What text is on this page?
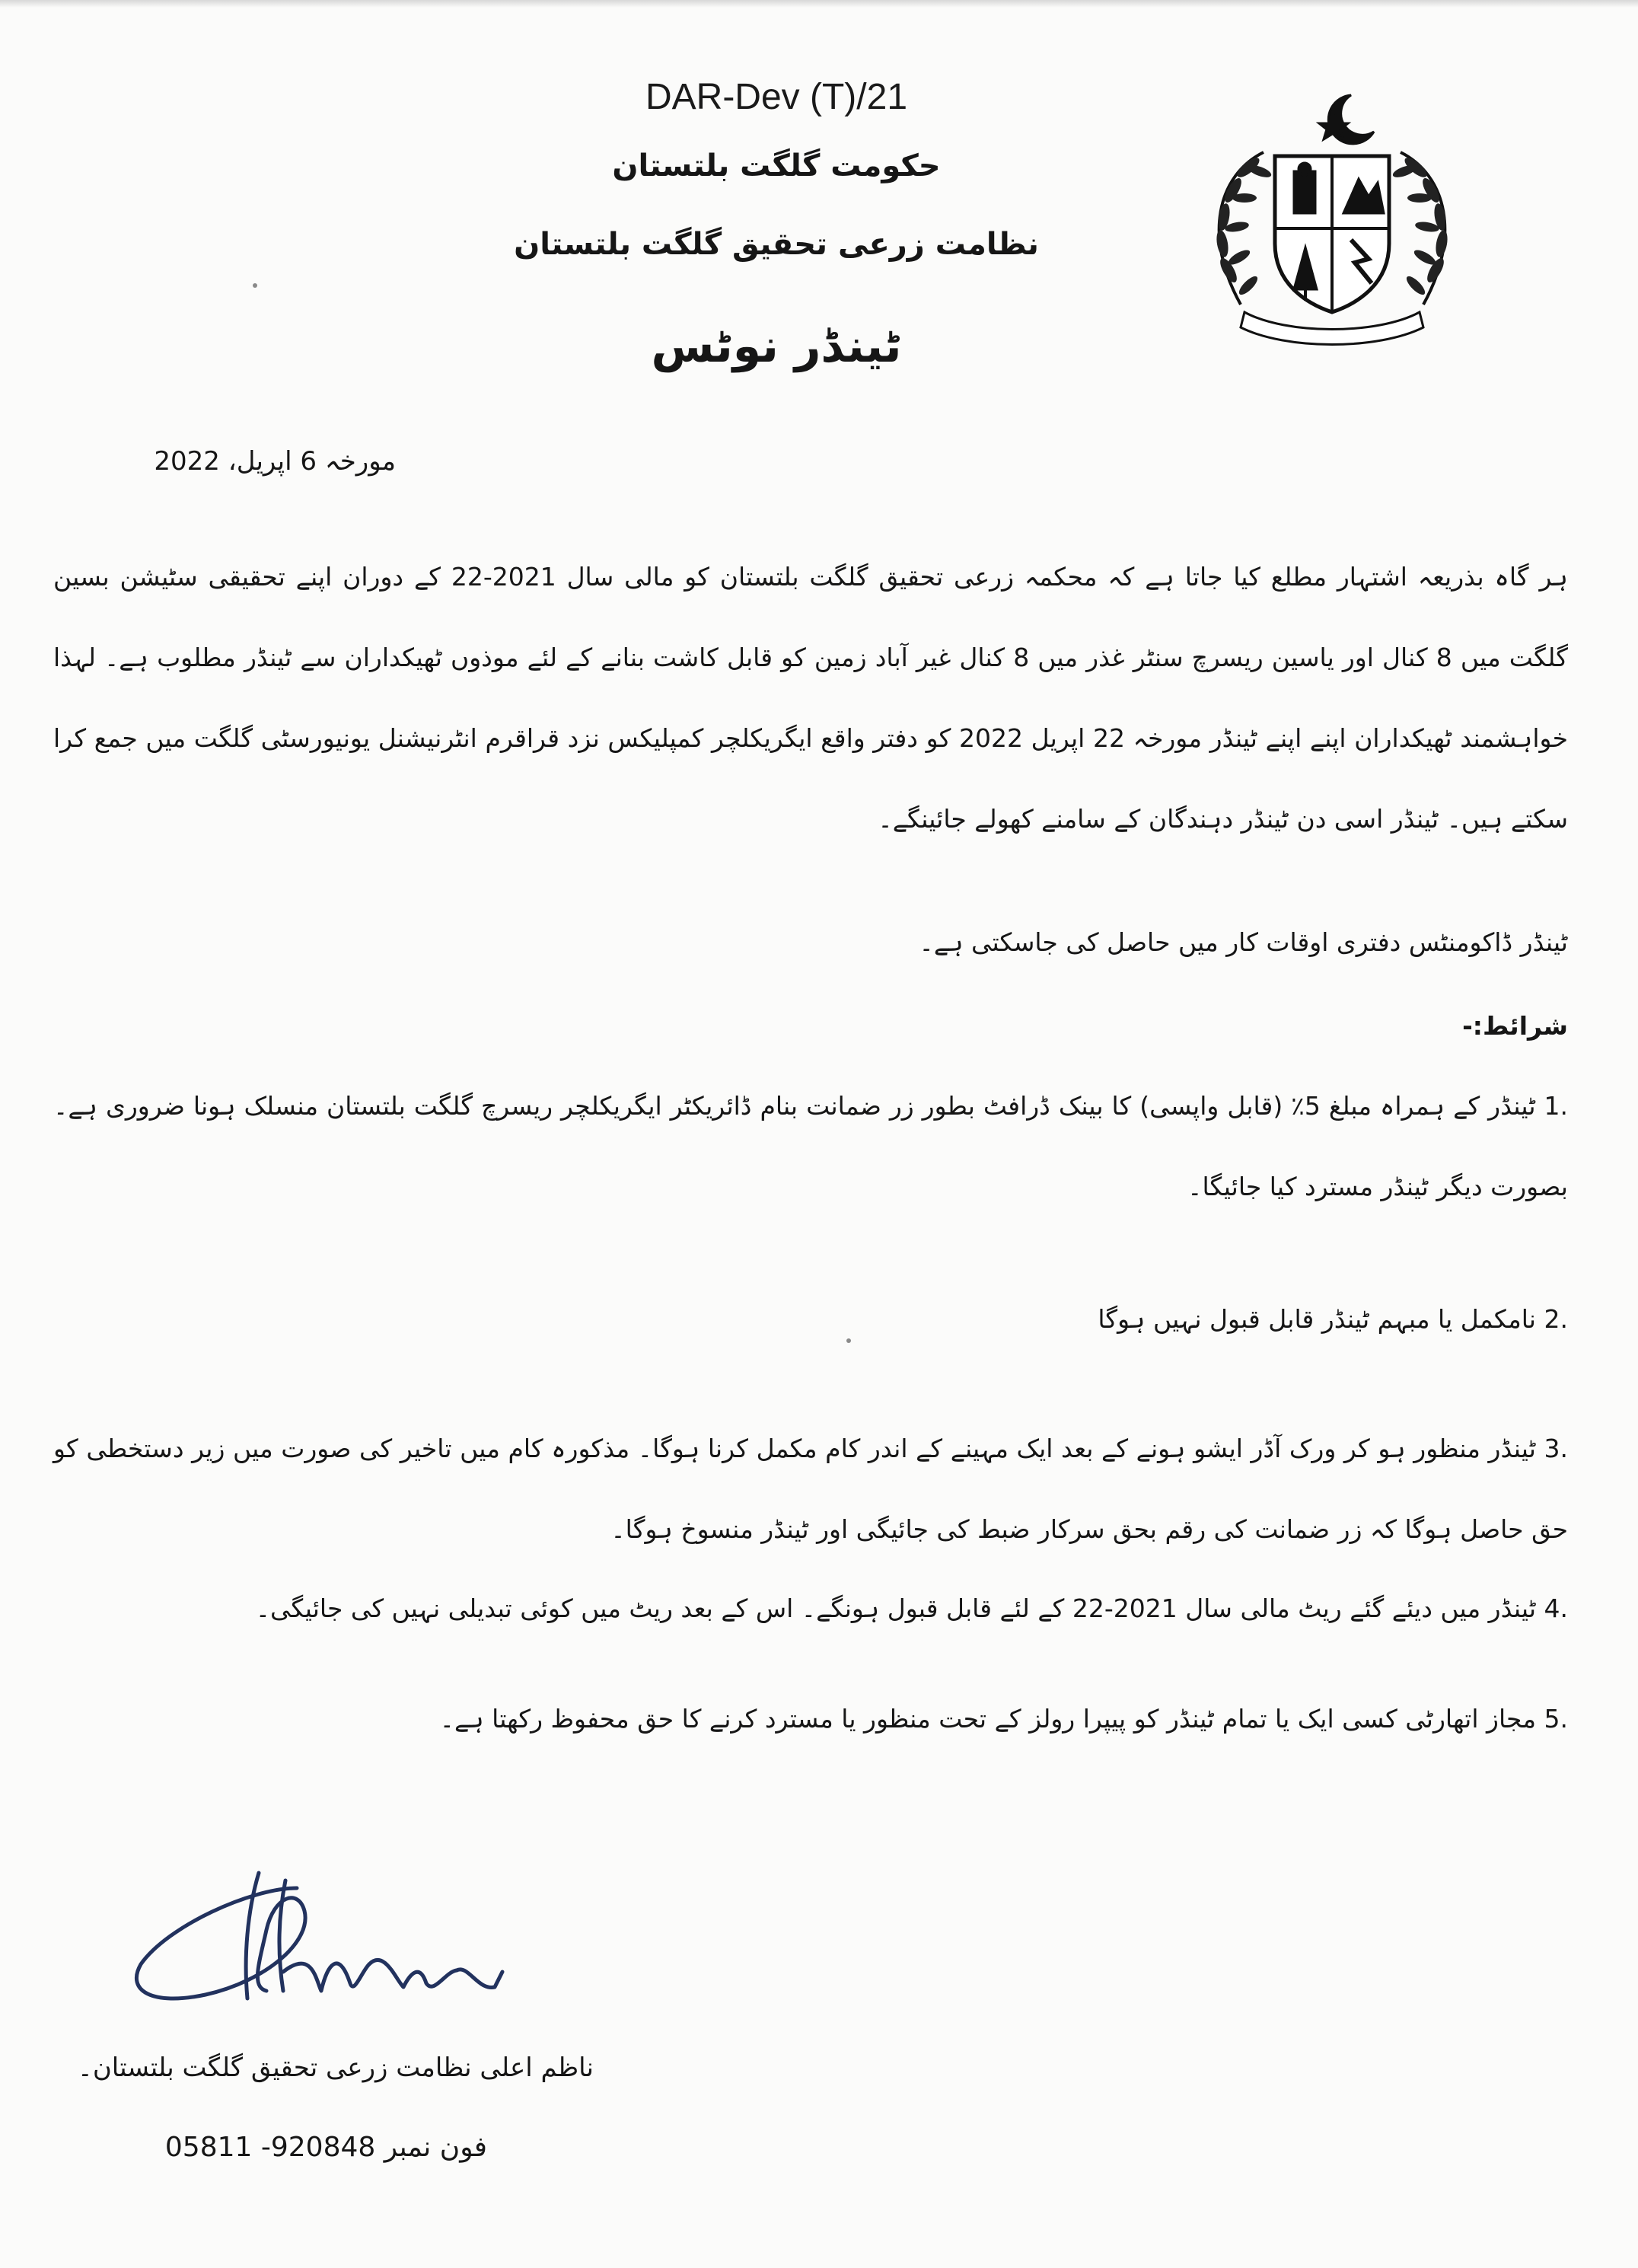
DAR-Dev (T)/21
حکومت گلگت بلتستان
نظامت زرعی تحقیق گلگت بلتستان
ٹینڈر نوٹس
مورخہ 6 اپریل، 2022
ہر گاہ بذریعہ اشتہار مطلع کیا جاتا ہے کہ محکمہ زرعی تحقیق گلگت بلتستان کو مالی سال 2021-22 کے دوران اپنے تحقیقی سٹیشن بسین گلگت میں 8 کنال اور یاسین ریسرچ سنٹر غذر میں 8 کنال غیر آباد زمین کو قابل کاشت بنانے کے لئے موذوں ٹھیکداران سے ٹینڈر مطلوب ہے۔ لہذا خواہشمند ٹھیکداران اپنے اپنے ٹینڈر مورخہ 22 اپریل 2022 کو دفتر واقع ایگریکلچر کمپلیکس نزد قراقرم انٹرنیشنل یونیورسٹی گلگت میں جمع کرا سکتے ہیں۔ ٹینڈر اسی دن ٹینڈر دہندگان کے سامنے کھولے جائینگے۔
ٹینڈر ڈاکومنٹس دفتری اوقات کار میں حاصل کی جاسکتی ہے۔
شرائط:-
1. ٹینڈر کے ہمراہ مبلغ 5٪ (قابل واپسی) کا بینک ڈرافٹ بطور زر ضمانت بنام ڈائریکٹر ایگریکلچر ریسرچ گلگت بلتستان منسلک ہونا ضروری ہے۔ بصورت دیگر ٹینڈر مسترد کیا جائیگا۔
2. نامکمل یا مبہم ٹینڈر قابل قبول نہیں ہوگا
3. ٹینڈر منظور ہو کر ورک آڈر ایشو ہونے کے بعد ایک مہینے کے اندر کام مکمل کرنا ہوگا۔ مذکورہ کام میں تاخیر کی صورت میں زیر دستخطی کو حق حاصل ہوگا کہ زر ضمانت کی رقم بحق سرکار ضبط کی جائیگی اور ٹینڈر منسوخ ہوگا۔
4. ٹینڈر میں دیئے گئے ریٹ مالی سال 2021-22 کے لئے قابل قبول ہونگے۔ اس کے بعد ریٹ میں کوئی تبدیلی نہیں کی جائیگی۔
5. مجاز اتھارٹی کسی ایک یا تمام ٹینڈر کو پیپرا رولز کے تحت منظور یا مسترد کرنے کا حق محفوظ رکھتا ہے۔
ناظم اعلی نظامت زرعی تحقیق گلگت بلتستان۔
فون نمبر 05811 -920848
